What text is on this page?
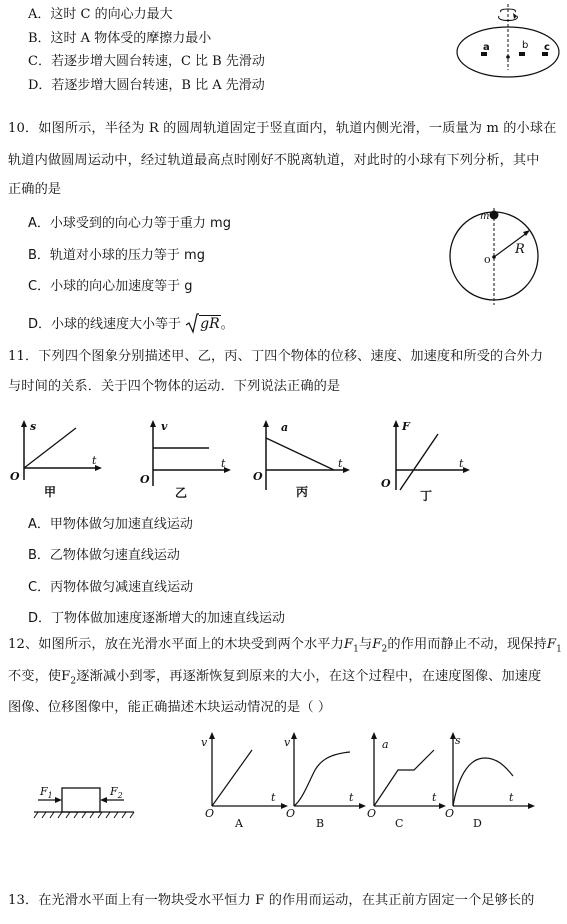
A．这时 C 的向心力最大
B．这时 A 物体受的摩擦力最小
C．若逐步增大圆台转速，C 比 B 先滑动
D．若逐步增大圆台转速，B 比 A 先滑动
a	b c
10．如图所示，半径为 R 的圆周轨道固定于竖直面内，轨道内侧光滑，一质量为 m 的小球在
轨道内做圆周运动中，经过轨道最高点时刚好不脱离轨道，对此时的小球有下列分析，其中
正确的是
A．小球受到的向心力等于重力 mg
B．轨道对小球的压力等于 mg
C．小球的向心加速度等于 g
D．小球的线速度大小等于 gR。
m
o
R
11．下列四个图象分别描述甲、乙，丙、丁四个物体的位移、速度、加速度和所受的合外力
与时间的关系．关于四个物体的运动．下列说法正确的是
s
t
O
甲
v
t
O
乙
a
t
O
丙
F
t
O
丁
A．甲物体做匀加速直线运动
B．乙物体做匀速直线运动
C．丙物体做匀减速直线运动
D．丁物体做加速度逐渐增大的加速直线运动
12、如图所示，放在光滑水平面上的木块受到两个水平力$F_1$与$F_2$的作用而静止不动，现保持$F_1$
不变，使$F_2$逐渐减小到零，再逐渐恢复到原来的大小，在这个过程中，在速度图像、加速度
图像、位移图像中，能正确描述木块运动情况的是（ ）
$F_1$	$F_2$
v
t
O
A
v
t
O
B
a
t
O
C
s
t
O
D
13．在光滑水平面上有一物块受水平恒力 F 的作用而运动，在其正前方固定一个足够长的
